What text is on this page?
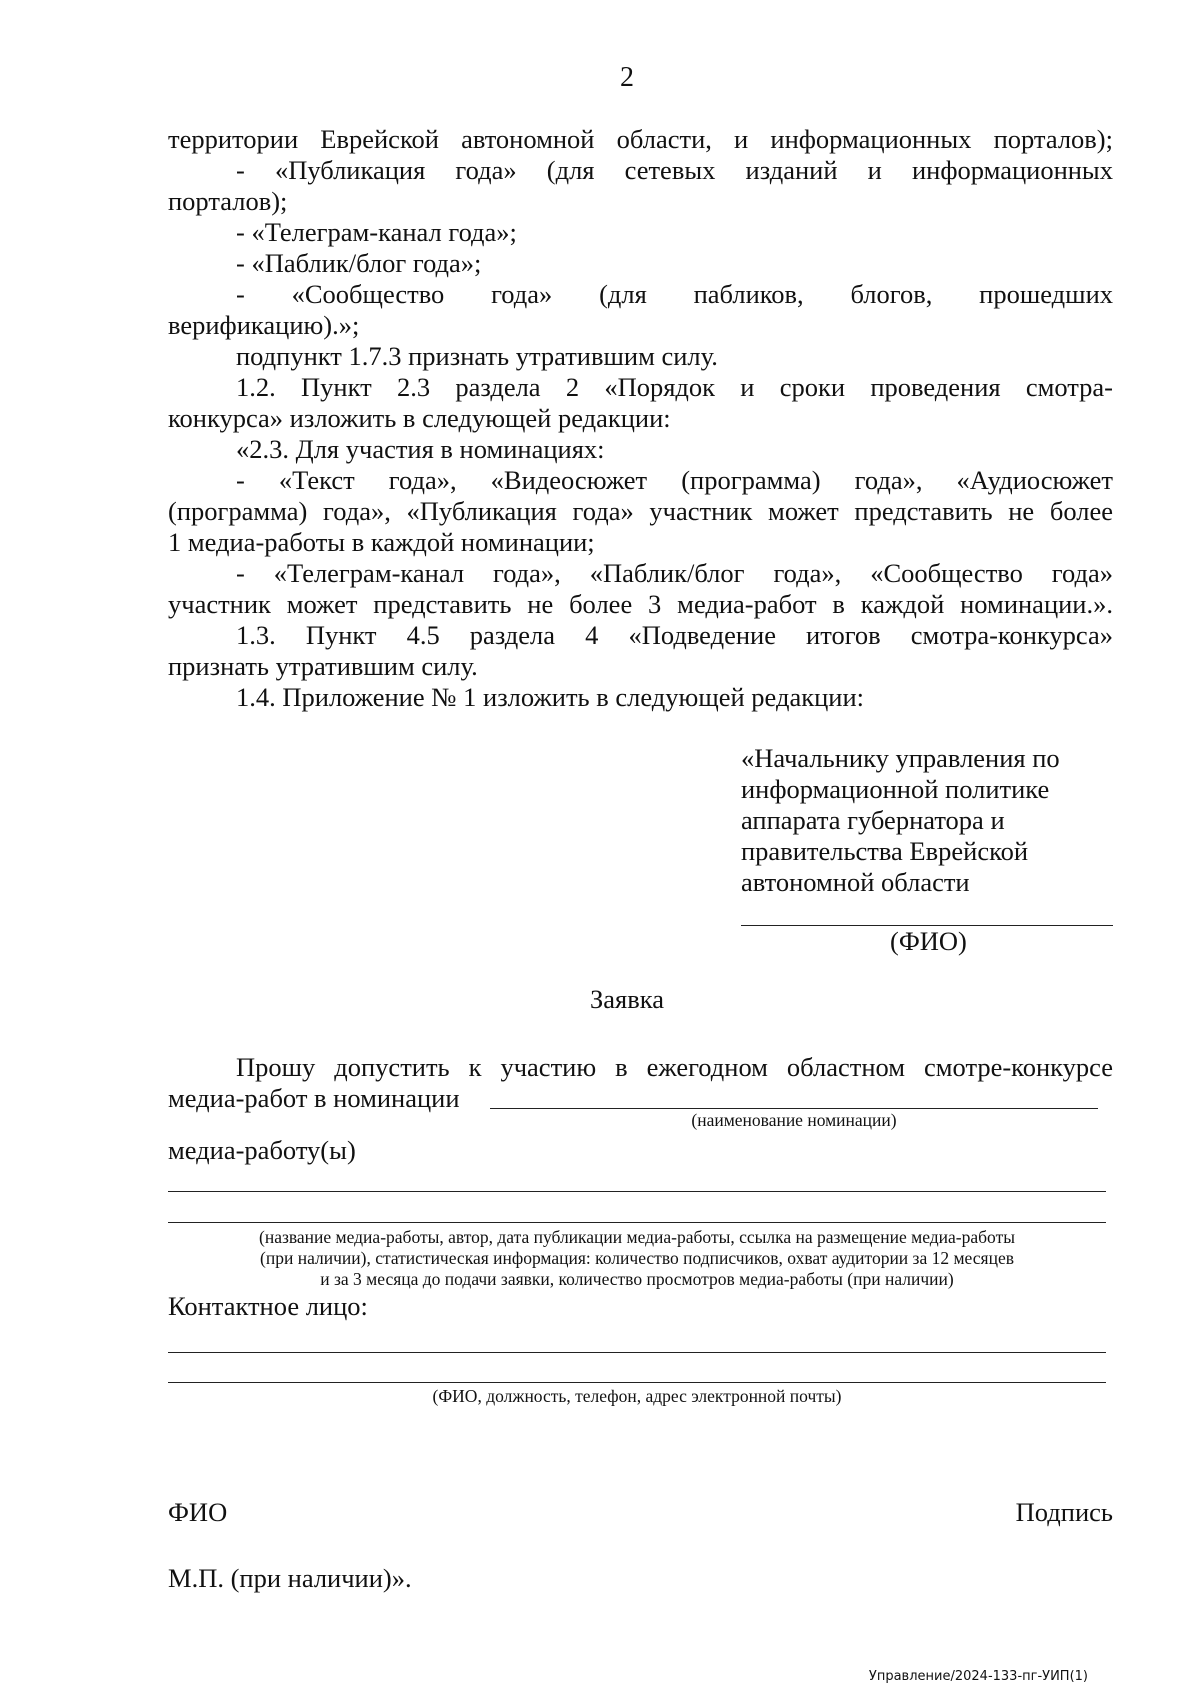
2
территории Еврейской автономной области, и информационных порталов);
- «Публикация года» (для сетевых изданий и информационных
порталов);
- «Телеграм-канал года»;
- «Паблик/блог года»;
- «Сообщество года» (для пабликов, блогов, прошедших
верификацию).»;
подпункт 1.7.3 признать утратившим силу.
1.2. Пункт 2.3 раздела 2 «Порядок и сроки проведения смотра-
конкурса» изложить в следующей редакции:
«2.3. Для участия в номинациях:
- «Текст года», «Видеосюжет (программа) года», «Аудиосюжет
(программа) года», «Публикация года» участник может представить не более
1 медиа-работы в каждой номинации;
- «Телеграм-канал года», «Паблик/блог года», «Сообщество года»
участник может представить не более 3 медиа-работ в каждой номинации.».
1.3. Пункт 4.5 раздела 4 «Подведение итогов смотра-конкурса»
признать утратившим силу.
1.4. Приложение № 1 изложить в следующей редакции:
«Начальнику управления по
информационной политике
аппарата губернатора и
правительства Еврейской
автономной области
(ФИО)
Заявка
Прошу допустить к участию в ежегодном областном смотре-конкурсе
медиа-работ в номинации
(наименование номинации)
медиа-работу(ы)
(название медиа-работы, автор, дата публикации медиа-работы, ссылка на размещение медиа-работы
(при наличии), статистическая информация: количество подписчиков, охват аудитории за 12 месяцев
и за 3 месяца до подачи заявки, количество просмотров медиа-работы (при наличии)
Контактное лицо:
(ФИО, должность, телефон, адрес электронной почты)
ФИО	Подпись
М.П. (при наличии)».
Управление/2024-133-пг-УИП(1)
